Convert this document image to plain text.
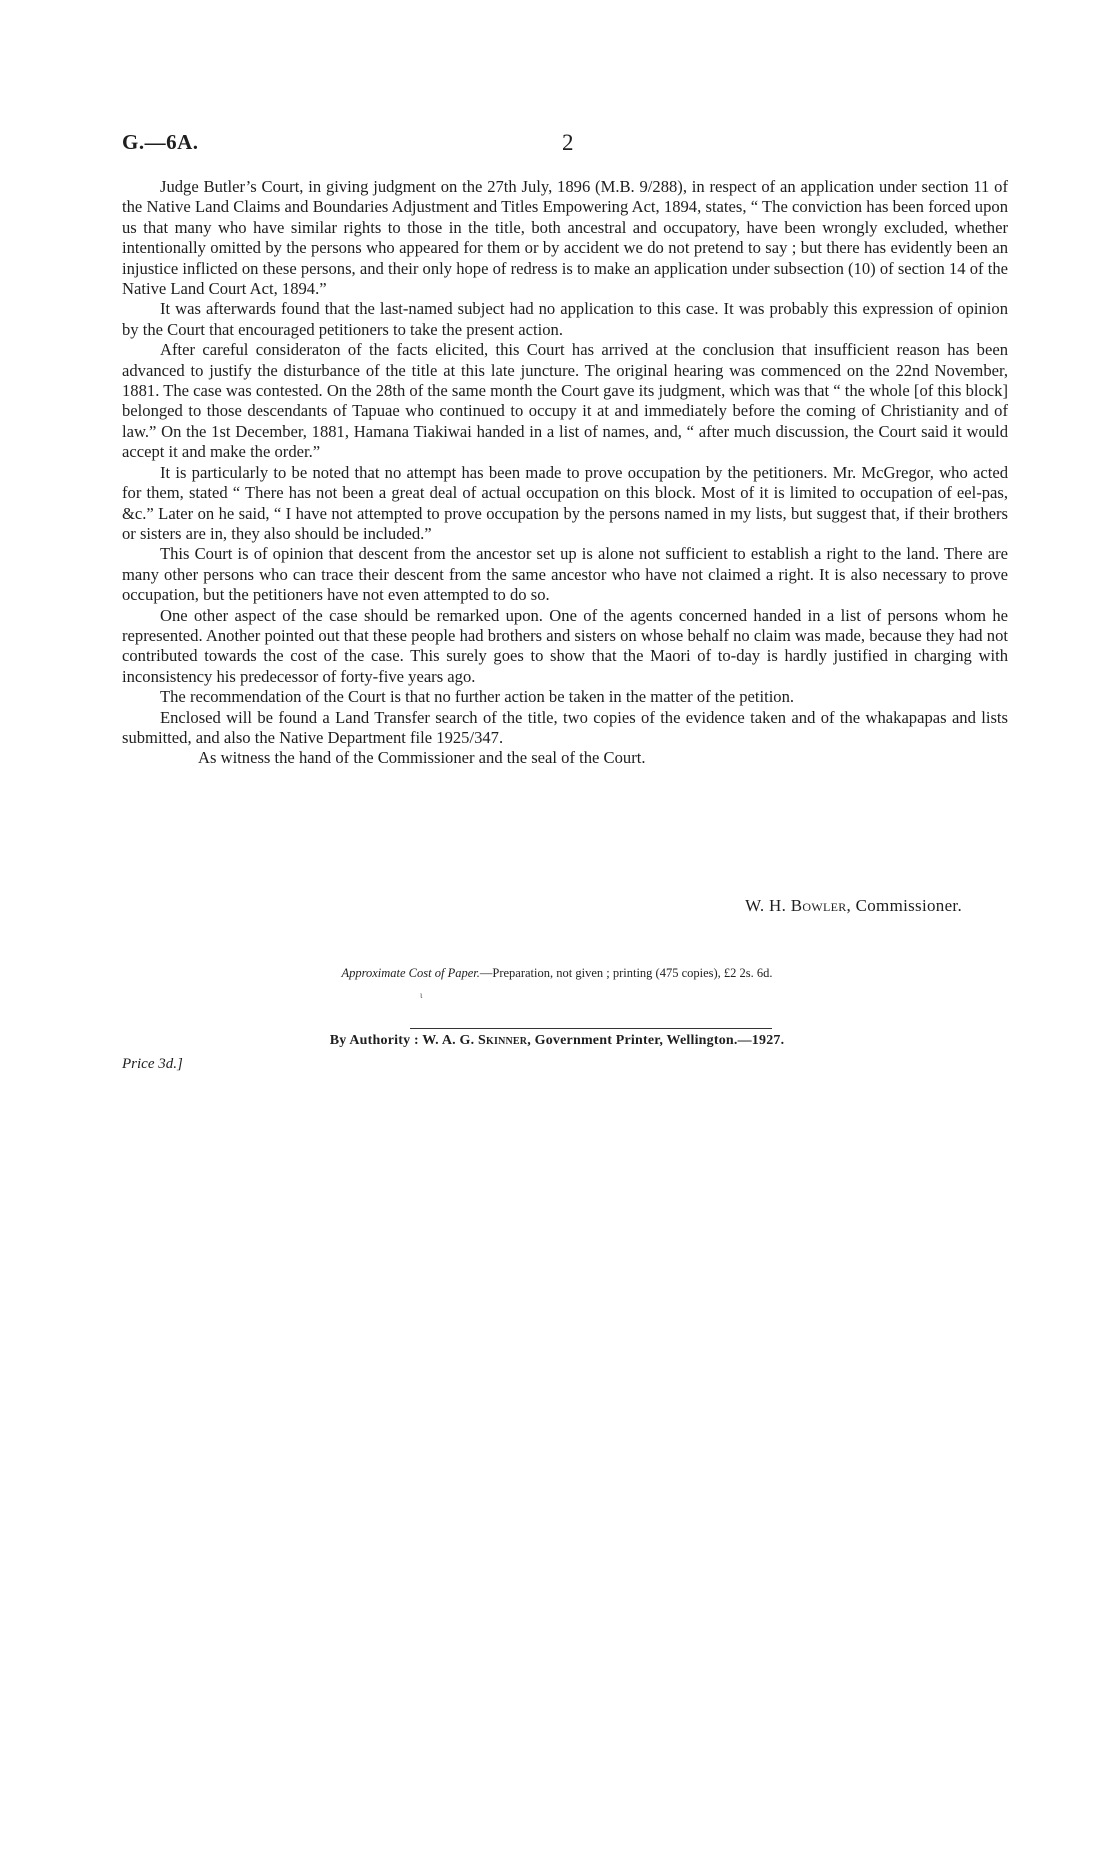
G.—6A.	2

Judge Butler’s Court, in giving judgment on the 27th July, 1896 (M.B. 9/288), in respect of an application under section 11 of the Native Land Claims and Boundaries Adjustment and Titles Empowering Act, 1894, states, “ The conviction has been forced upon us that many who have similar rights to those in the title, both ancestral and occupatory, have been wrongly excluded, whether intentionally omitted by the persons who appeared for them or by accident we do not pretend to say ; but there has evidently been an injustice inflicted on these persons, and their only hope of redress is to make an application under subsection (10) of section 14 of the Native Land Court Act, 1894.”

It was afterwards found that the last-named subject had no application to this case. It was probably this expression of opinion by the Court that encouraged petitioners to take the present action.

After careful consideraton of the facts elicited, this Court has arrived at the conclusion that insufficient reason has been advanced to justify the disturbance of the title at this late juncture. The original hearing was commenced on the 22nd November, 1881. The case was contested. On the 28th of the same month the Court gave its judgment, which was that “ the whole [of this block] belonged to those descendants of Tapuae who continued to occupy it at and immediately before the coming of Christianity and of law.” On the 1st December, 1881, Hamana Tiakiwai handed in a list of names, and, “ after much discussion, the Court said it would accept it and make the order.”

It is particularly to be noted that no attempt has been made to prove occupation by the petitioners. Mr. McGregor, who acted for them, stated “ There has not been a great deal of actual occupation on this block. Most of it is limited to occupation of eel-pas, &c.” Later on he said, “ I have not attempted to prove occupation by the persons named in my lists, but suggest that, if their brothers or sisters are in, they also should be included.”

This Court is of opinion that descent from the ancestor set up is alone not sufficient to establish a right to the land. There are many other persons who can trace their descent from the same ancestor who have not claimed a right. It is also necessary to prove occupation, but the petitioners have not even attempted to do so.

One other aspect of the case should be remarked upon. One of the agents concerned handed in a list of persons whom he represented. Another pointed out that these people had brothers and sisters on whose behalf no claim was made, because they had not contributed towards the cost of the case. This surely goes to show that the Maori of to-day is hardly justified in charging with inconsistency his predecessor of forty-five years ago.

The recommendation of the Court is that no further action be taken in the matter of the petition.

Enclosed will be found a Land Transfer search of the title, two copies of the evidence taken and of the whakapapas and lists submitted, and also the Native Department file 1925/347.

As witness the hand of the Commissioner and the seal of the Court.

W. H. Bowler, Commissioner.
Approximate Cost of Paper.—Preparation, not given ; printing (475 copies), £2 2s. 6d.
ɩ
By Authority : W. A. G. Skinner, Government Printer, Wellington.—1927.
Price 3d.]
